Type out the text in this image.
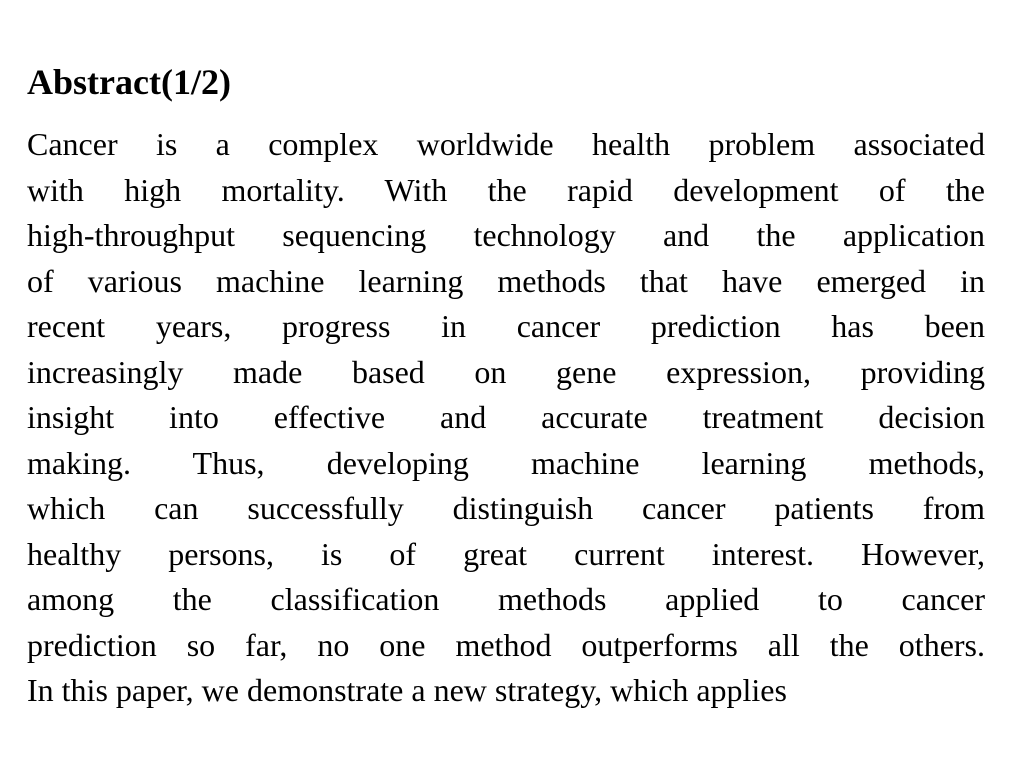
Abstract(1/2)
Cancer is a complex worldwide health problem associated
with high mortality. With the rapid development of the
high-throughput sequencing technology and the application
of various machine learning methods that have emerged in
recent years, progress in cancer prediction has been
increasingly made based on gene expression, providing
insight into effective and accurate treatment decision
making. Thus, developing machine learning methods,
which can successfully distinguish cancer patients from
healthy persons, is of great current interest. However,
among the classification methods applied to cancer
prediction so far, no one method outperforms all the others.
In this paper, we demonstrate a new strategy, which applies
